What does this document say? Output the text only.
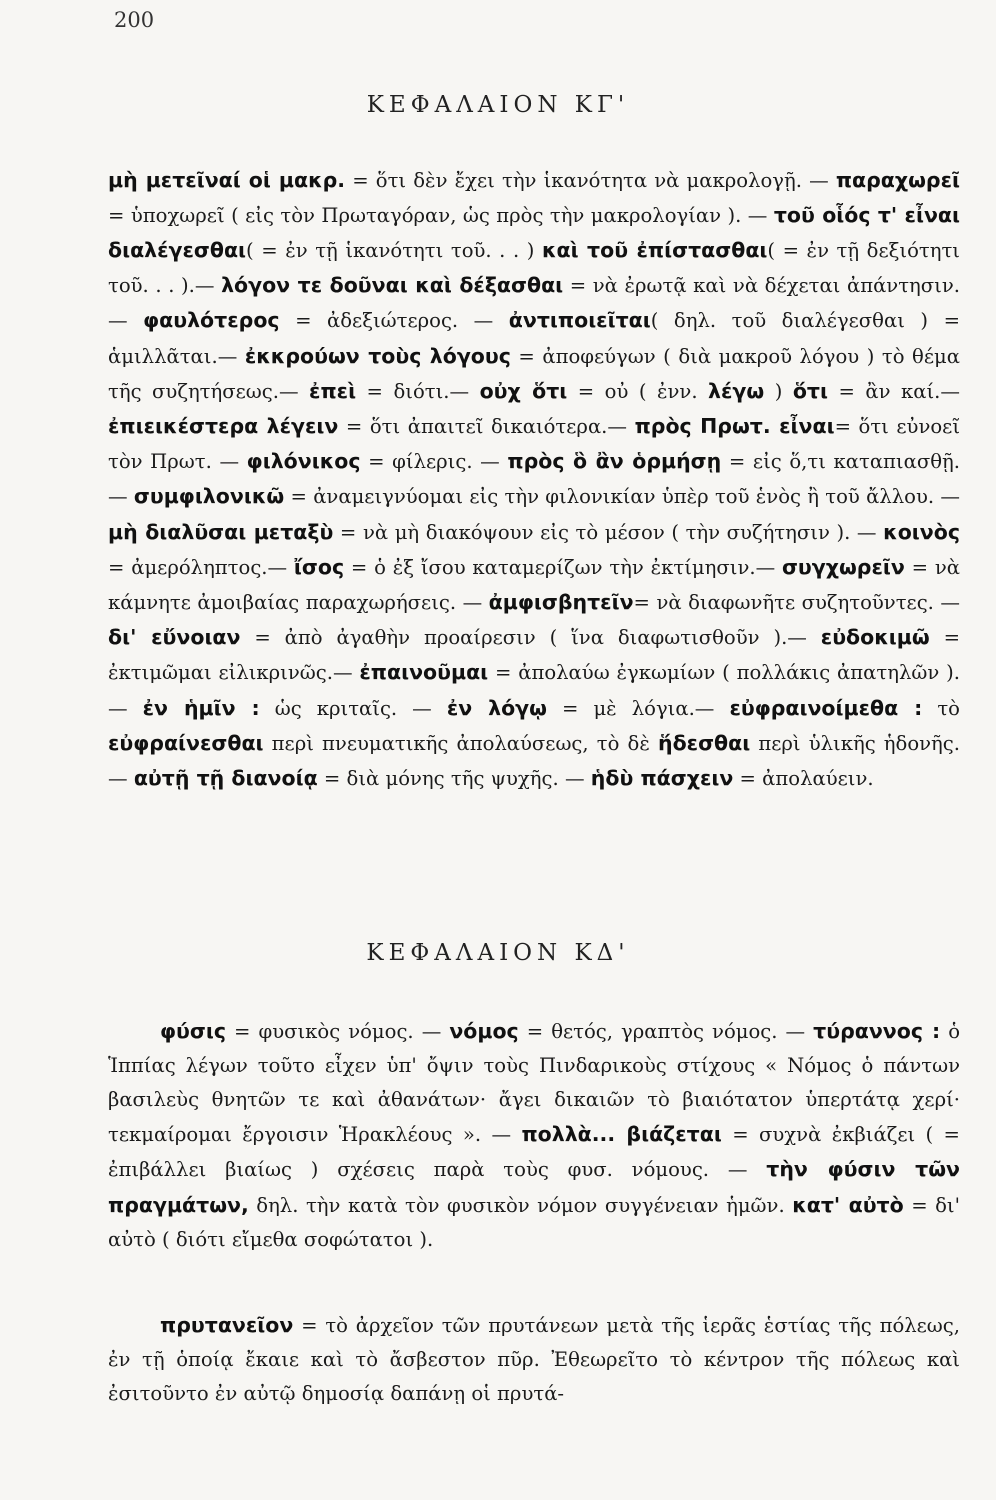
200
ΚΕΦΑΛΑΙΟΝ ΚΓ'

μὴ μετεῖναί οἱ μακρ. = ὅτι δὲν ἔχει τὴν ἱκανότητα νὰ μακρολογῇ. — παραχωρεῖ = ὑποχωρεῖ ( εἰς τὸν Πρωταγόραν, ὡς πρὸς τὴν μακρολογίαν ). — τοῦ οἷός τ' εἶναι διαλέγεσθαι( = ἐν τῇ ἱκανότητι τοῦ. . . ) καὶ τοῦ ἐπίστασθαι( = ἐν τῇ δεξιότητι τοῦ. . . ).— λόγον τε δοῦναι καὶ δέξασθαι = νὰ ἐρωτᾷ καὶ νὰ δέχεται ἀπάντησιν. — φαυλότερος = ἀδεξιώτερος. — ἀντιποιεῖται( δηλ. τοῦ διαλέγεσθαι ) = ἁμιλλᾶται.— ἐκκρούων τοὺς λόγους = ἀποφεύγων ( διὰ μακροῦ λόγου ) τὸ θέμα τῆς συζητήσεως.— ἐπεὶ = διότι.— οὐχ ὅτι = οὐ ( ἐνν. λέγω ) ὅτι = ἂν καί.— ἐπιεικέστερα λέγειν = ὅτι ἀπαιτεῖ δικαιότερα.— πρὸς Πρωτ. εἶναι= ὅτι εὐνοεῖ τὸν Πρωτ. — φιλόνικος = φίλερις. — πρὸς ὃ ἂν ὁρμήσῃ = εἰς ὅ,τι καταπιασθῇ. — συμφιλονικῶ = ἀναμειγνύομαι εἰς τὴν φιλονικίαν ὑπὲρ τοῦ ἑνὸς ἢ τοῦ ἄλλου. — μὴ διαλῦσαι μεταξὺ = νὰ μὴ διακόψουν εἰς τὸ μέσον ( τὴν συζήτησιν ). — κοινὸς = ἀμερόληπτος.— ἴσος = ὁ ἐξ ἴσου καταμερίζων τὴν ἐκτίμησιν.— συγχωρεῖν = νὰ κάμνητε ἀμοιβαίας παραχωρήσεις. — ἀμφισβητεῖν= νὰ διαφωνῆτε συζητοῦντες. — δι' εὔνοιαν = ἀπὸ ἀγαθὴν προαίρεσιν ( ἵνα διαφωτισθοῦν ).— εὐδοκιμῶ = ἐκτιμῶμαι εἰλικρινῶς.— ἐπαινοῦμαι = ἀπολαύω ἐγκωμίων ( πολλάκις ἀπατηλῶν ).— ἐν ἡμῖν : ὡς κριταῖς. — ἐν λόγῳ = μὲ λόγια.— εὐφραινοίμεθα : τὸ εὐφραίνεσθαι περὶ πνευματικῆς ἀπολαύσεως, τὸ δὲ ἥδεσθαι περὶ ὑλικῆς ἡδονῆς. — αὐτῇ τῇ διανοίᾳ = διὰ μόνης τῆς ψυχῆς. — ἡδὺ πάσχειν = ἀπολαύειν.

ΚΕΦΑΛΑΙΟΝ ΚΔ'

φύσις = φυσικὸς νόμος. — νόμος = θετός, γραπτὸς νόμος. — τύραννος : ὁ Ἱππίας λέγων τοῦτο εἶχεν ὑπ' ὄψιν τοὺς Πινδαρικοὺς στίχους « Νόμος ὁ πάντων βασιλεὺς θνητῶν τε καὶ ἀθανάτων· ἄγει δικαιῶν τὸ βιαιότατον ὑπερτάτᾳ χερί· τεκμαίρομαι ἔργοισιν Ἡρακλέους ». — πολλὰ... βιάζεται = συχνὰ ἐκβιάζει ( = ἐπιβάλλει βιαίως ) σχέσεις παρὰ τοὺς φυσ. νόμους. — τὴν φύσιν τῶν πραγμάτων, δηλ. τὴν κατὰ τὸν φυσικὸν νόμον συγγένειαν ἡμῶν. κατ' αὐτὸ = δι' αὐτὸ ( διότι εἴμεθα σοφώτατοι ).

πρυτανεῖον = τὸ ἀρχεῖον τῶν πρυτάνεων μετὰ τῆς ἱερᾶς ἑστίας τῆς πόλεως, ἐν τῇ ὁποίᾳ ἔκαιε καὶ τὸ ἄσβεστον πῦρ. Ἐθεωρεῖτο τὸ κέντρον τῆς πόλεως καὶ ἐσιτοῦντο ἐν αὐτῷ δημοσίᾳ δαπάνῃ οἱ πρυτά-
